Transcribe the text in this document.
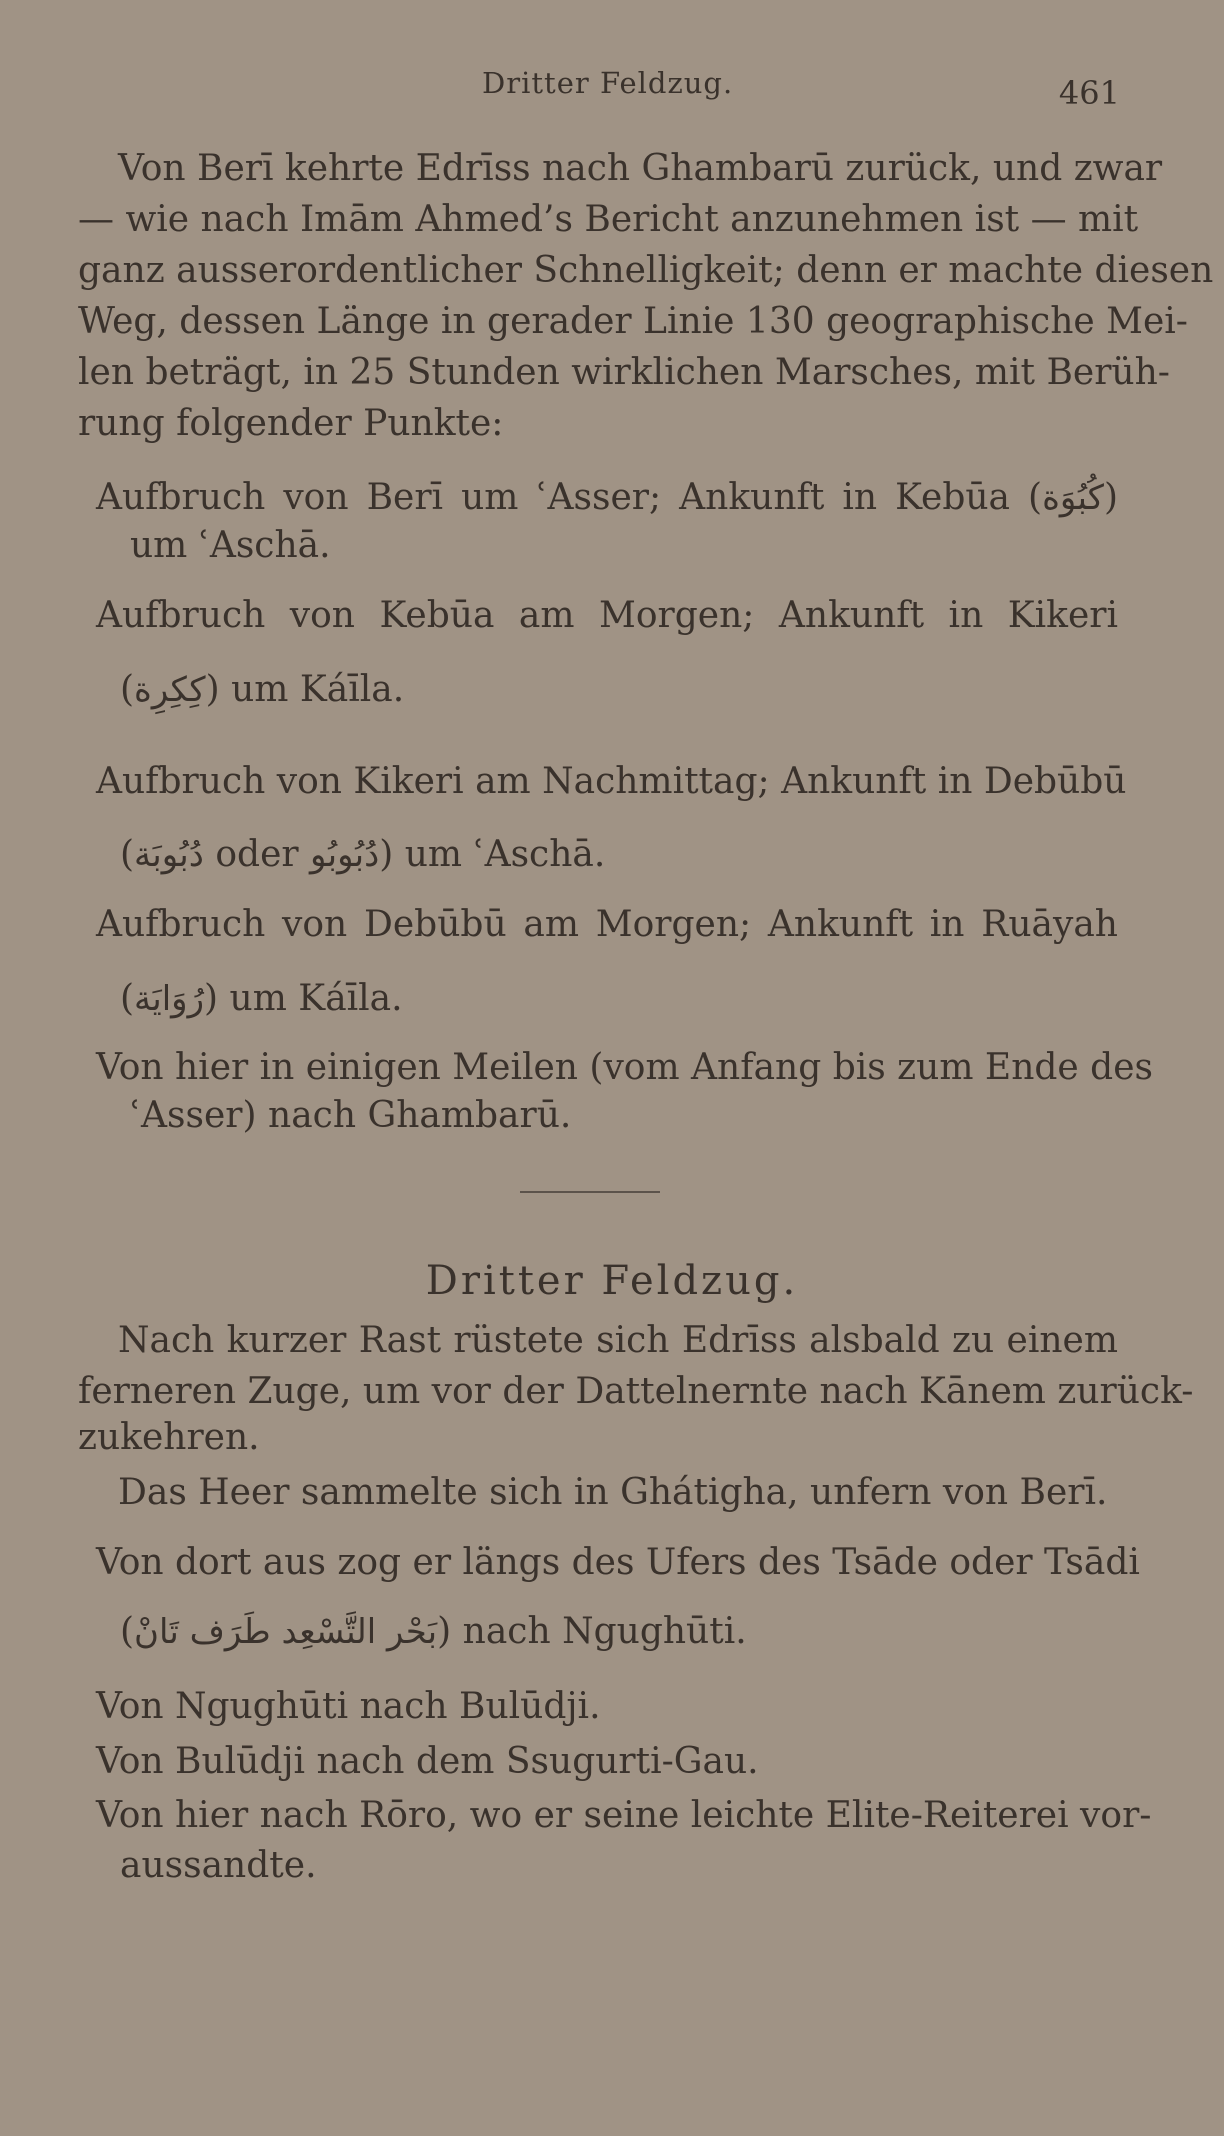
Dritter Feldzug.	461
Von Berī kehrte Edrīss nach Ghambarū zurück, und zwar
— wie nach Imām Ahmed’s Bericht anzunehmen ist — mit
ganz ausserordentlicher Schnelligkeit; denn er machte diesen
Weg, dessen Länge in gerader Linie 130 geographische Mei-
len beträgt, in 25 Stunden wirklichen Marsches, mit Berüh-
rung folgender Punkte:
Aufbruch von Berī um ʿAsser; Ankunft in Kebūa (كُبُوَة)
um ʿAschā.
Aufbruch von Kebūa am Morgen; Ankunft in Kikeri
(كِكِرِة) um Káīla.
Aufbruch von Kikeri am Nachmittag; Ankunft in Debūbū
(دُبُوبَة oder دُبُوبُو) um ʿAschā.
Aufbruch von Debūbū am Morgen; Ankunft in Ruāyah
(رُوَايَة) um Káīla.
Von hier in einigen Meilen (vom Anfang bis zum Ende des
ʿAsser) nach Ghambarū.
Dritter Feldzug.
Nach kurzer Rast rüstete sich Edrīss alsbald zu einem
ferneren Zuge, um vor der Dattelnernte nach Kānem zurück-
zukehren.
Das Heer sammelte sich in Ghátigha, unfern von Berī.
Von dort aus zog er längs des Ufers des Tsāde oder Tsādi
(بَحْر التَّسْعِد طَرَف تَانْ) nach Ngughūti.
Von Ngughūti nach Bulūdji.
Von Bulūdji nach dem Ssugurti-Gau.
Von hier nach Rōro, wo er seine leichte Elite-Reiterei vor-
aussandte.
